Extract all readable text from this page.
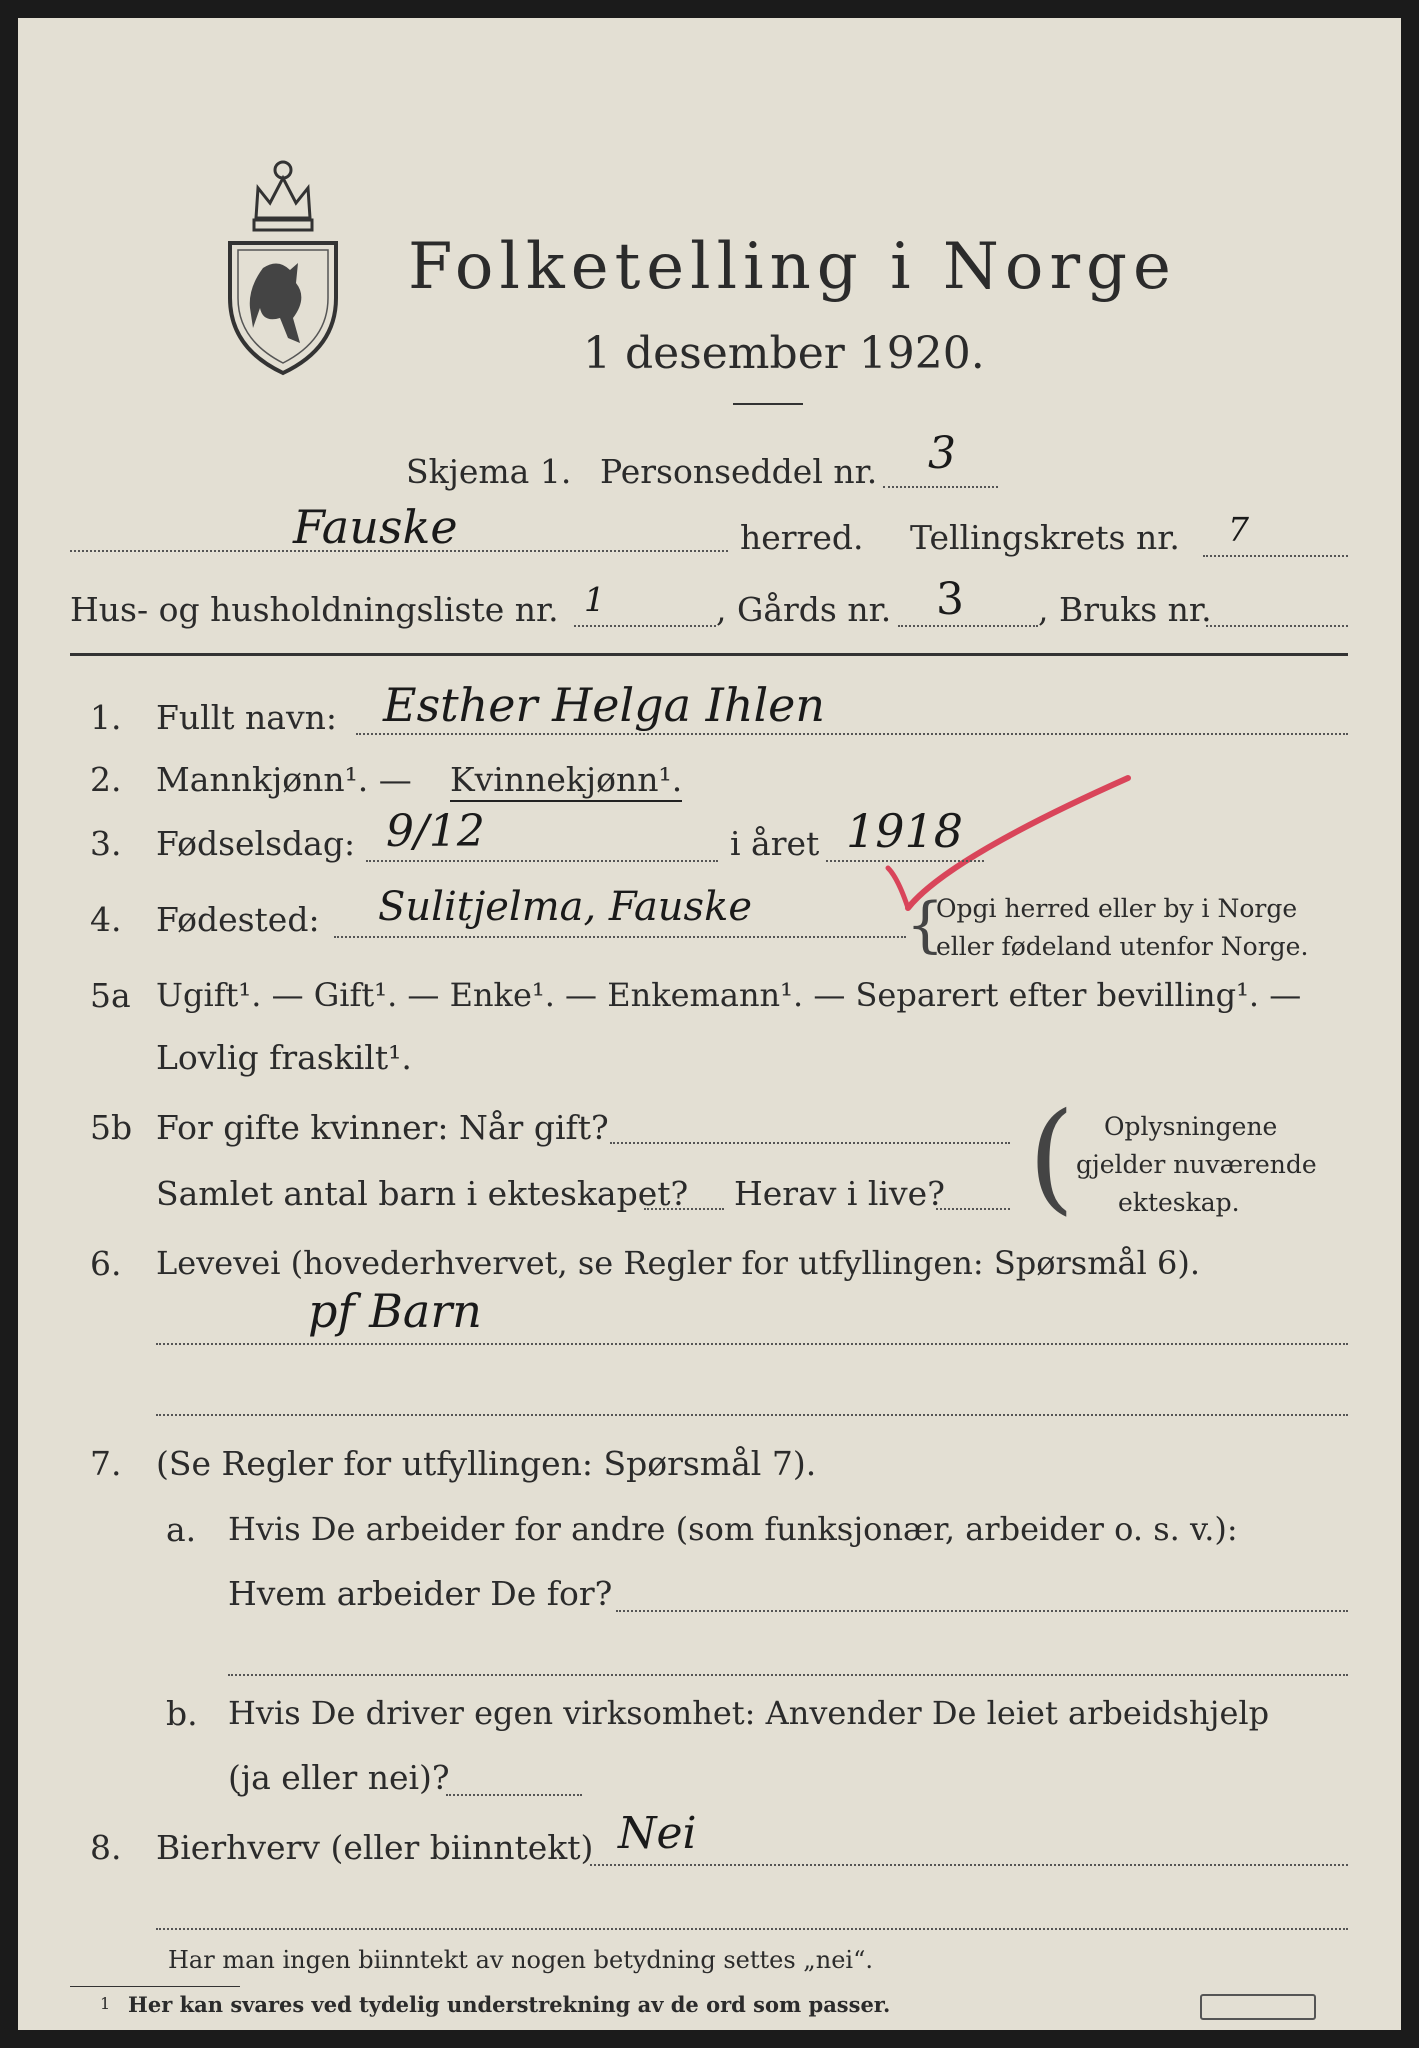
Folketelling i Norge
1 desember 1920.
Skjema 1. Personseddel nr. 3
Fauske	herred. Tellingskrets nr. 7
Hus- og husholdningsliste nr. 1	, Gårds nr. 3 , Bruks nr.
1. Fullt navn: Esther Helga Ihlen
2. Mannkjønn¹. — Kvinnekjønn¹.
3. Fødselsdag: 9/12	i året 1918
4. Fødested: Sulitjelma, Fauske	{
Opgi herred eller by i Norge
eller fødeland utenfor Norge.
5a Ugift¹. — Gift¹. — Enke¹. — Enkemann¹. — Separert efter bevilling¹. —
Lovlig fraskilt¹.
5b For gifte kvinner: Når gift?
Samlet antal barn i ekteskapet? Herav i live? ( Oplysningene
gjelder nuværende
ekteskap.
6. Levevei (hovederhvervet, se Regler for utfyllingen: Spørsmål 6).
pf Barn
7. (Se Regler for utfyllingen: Spørsmål 7).
a. Hvis De arbeider for andre (som funksjonær, arbeider o. s. v.):
Hvem arbeider De for?
b. Hvis De driver egen virksomhet: Anvender De leiet arbeidshjelp
(ja eller nei)?
8. Bierhverv (eller biinntekt) Nei
Har man ingen biinntekt av nogen betydning settes „nei“.
1 Her kan svares ved tydelig understrekning av de ord som passer.
